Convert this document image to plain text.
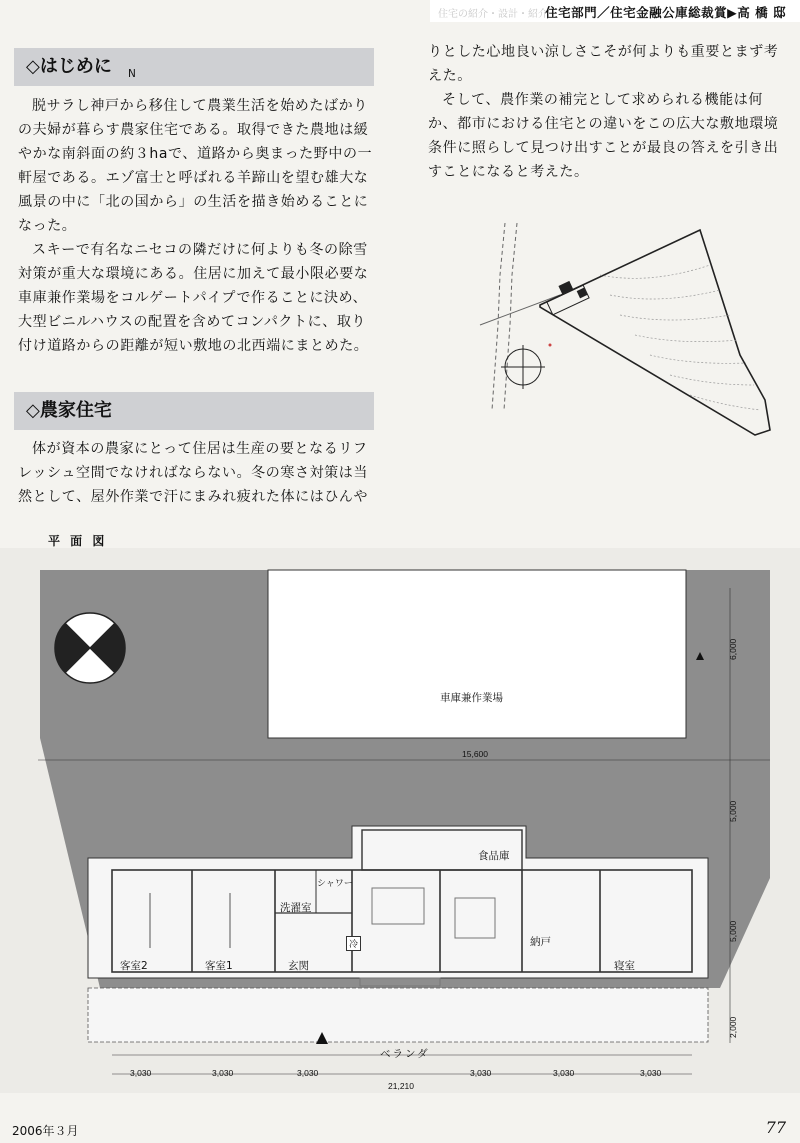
住宅の紹介・設計・紹介
住宅部門／住宅金融公庫総裁賞▶高 橋 邸
◇はじめに

脱サラし神戸から移住して農業生活を始めたばかりの夫婦が暮らす農家住宅である。取得できた農地は緩やかな南斜面の約３haで、道路から奥まった野中の一軒屋である。エゾ富士と呼ばれる羊蹄山を望む雄大な風景の中に「北の国から」の生活を描き始めることになった。

スキーで有名なニセコの隣だけに何よりも冬の除雪対策が重大な環境にある。住居に加えて最小限必要な車庫兼作業場をコルゲートパイプで作ることに決め、大型ビニルハウスの配置を含めてコンパクトに、取り付け道路からの距離が短い敷地の北西端にまとめた。

◇農家住宅

体が資本の農家にとって住居は生産の要となるリフレッシュ空間でなければならない。冬の寒さ対策は当然として、屋外作業で汗にまみれ疲れた体にはひんや

りとした心地良い涼しさこそが何よりも重要とまず考えた。

そして、農作業の補完として求められる機能は何か、都市における住宅との違いをこの広大な敷地環境条件に照らして見つけ出すことが最良の答えを引き出すことになると考えた。

平 面 図
N
車庫兼作業場
客室2	客室1	玄関
洗濯室
シャワー
冷
食品庫
納戸
寝室
ベランダ
15,600
6,000
5,000
5,000
2,000
3,030	3,030	3,030	3,030	3,030	3,030
21,210
2006年３月	77
